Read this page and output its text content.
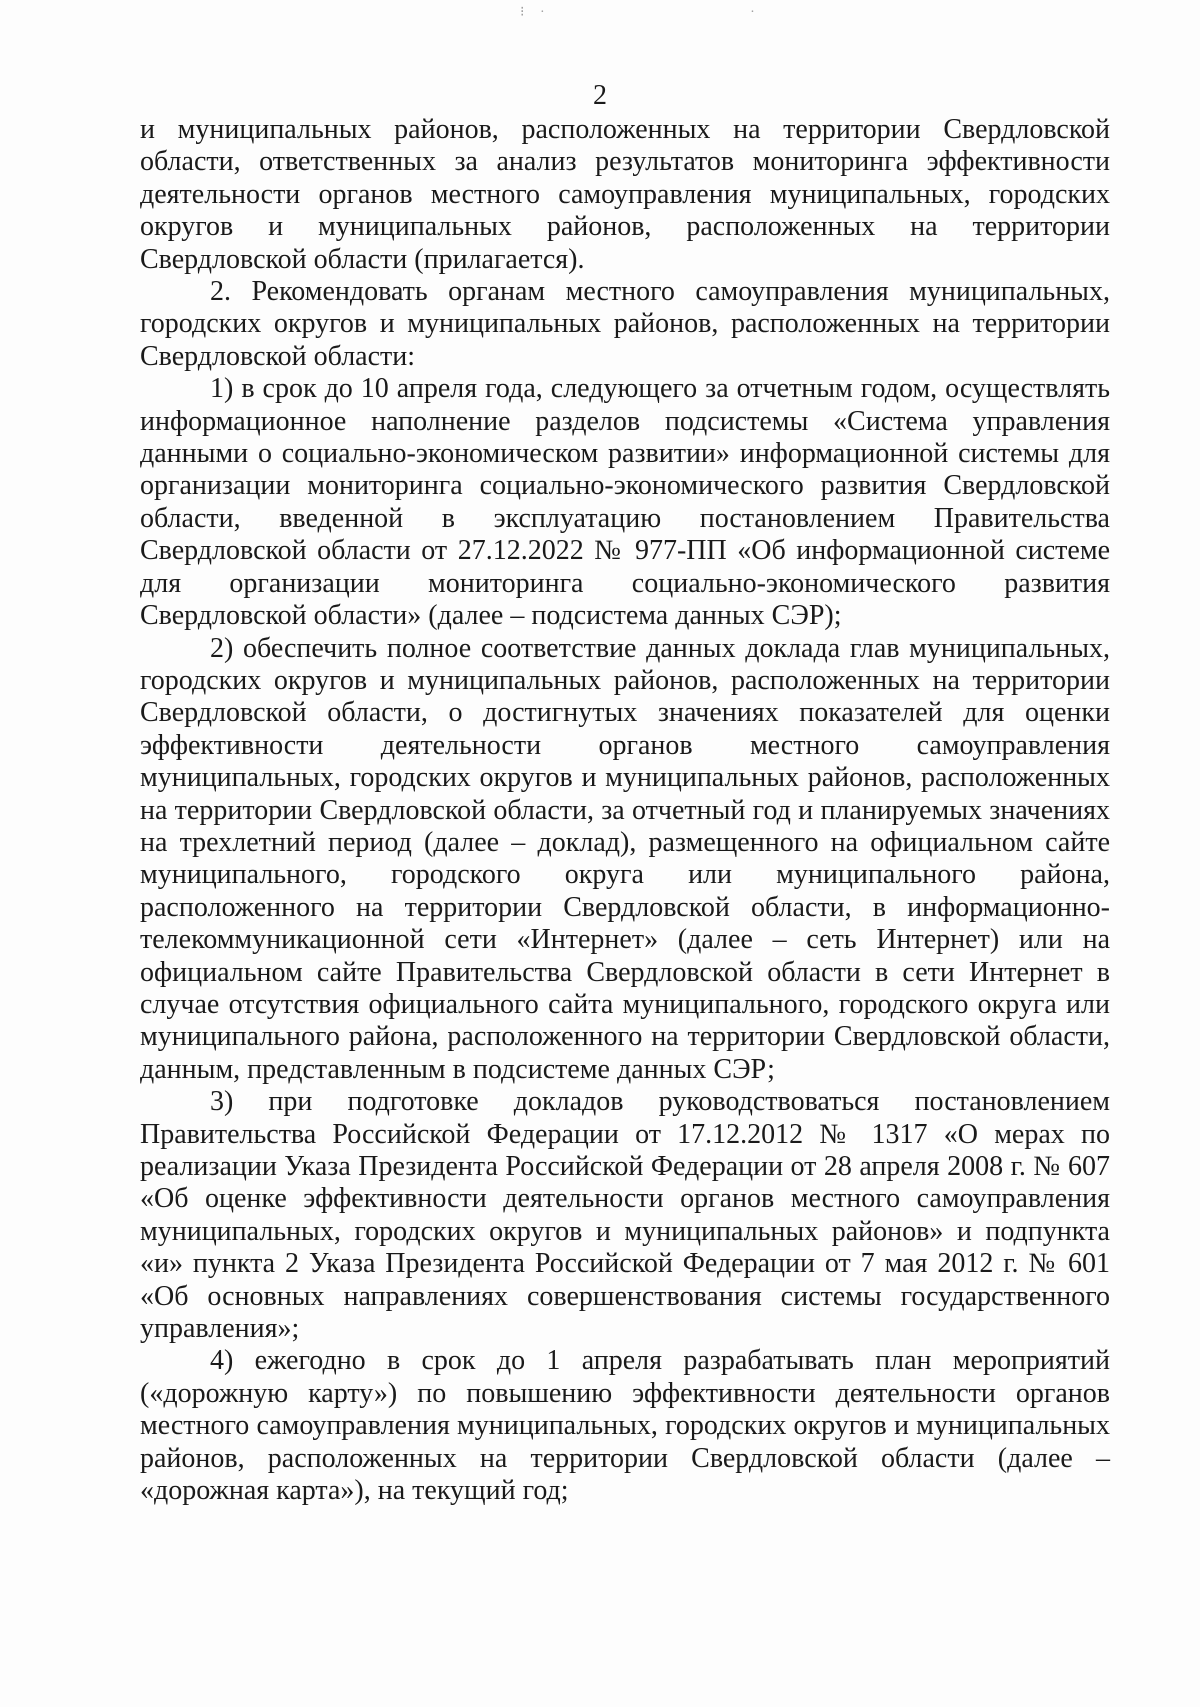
⁝ ·                     ·
2

и муниципальных районов, расположенных на территории Свердловской области, ответственных за анализ результатов мониторинга эффективности деятельности органов местного самоуправления муниципальных, городских округов и муниципальных районов, расположенных на территории Свердловской области (прилагается).

2. Рекомендовать органам местного самоуправления муниципальных, городских округов и муниципальных районов, расположенных на территории Свердловской области:

1) в срок до 10 апреля года, следующего за отчетным годом, осуществлять информационное наполнение разделов подсистемы «Система управления данными о социально-экономическом развитии» информационной системы для организации мониторинга социально-экономического развития Свердловской области, введенной в эксплуатацию постановлением Правительства Свердловской области от 27.12.2022 № 977-ПП «Об информационной системе для организации мониторинга социально-экономического развития Свердловской области» (далее – подсистема данных СЭР);

2) обеспечить полное соответствие данных доклада глав муниципальных, городских округов и муниципальных районов, расположенных на территории Свердловской области, о достигнутых значениях показателей для оценки эффективности деятельности органов местного самоуправления муниципальных, городских округов и муниципальных районов, расположенных на территории Свердловской области, за отчетный год и планируемых значениях на трехлетний период (далее – доклад), размещенного на официальном сайте муниципального, городского округа или муниципального района, расположенного на территории Свердловской области, в информационно-телекоммуникационной сети «Интернет» (далее – сеть Интернет) или на официальном сайте Правительства Свердловской области в сети Интернет в случае отсутствия официального сайта муниципального, городского округа или муниципального района, расположенного на территории Свердловской области, данным, представленным в подсистеме данных СЭР;

3) при подготовке докладов руководствоваться постановлением Правительства Российской Федерации от 17.12.2012 № 1317 «О мерах по реализации Указа Президента Российской Федерации от 28 апреля 2008 г. № 607 «Об оценке эффективности деятельности органов местного самоуправления муниципальных, городских округов и муниципальных районов» и подпункта «и» пункта 2 Указа Президента Российской Федерации от 7 мая 2012 г. № 601 «Об основных направлениях совершенствования системы государственного управления»;

4) ежегодно в срок до 1 апреля разрабатывать план мероприятий («дорожную карту») по повышению эффективности деятельности органов местного самоуправления муниципальных, городских округов и муниципальных районов, расположенных на территории Свердловской области (далее – «дорожная карта»), на текущий год;
